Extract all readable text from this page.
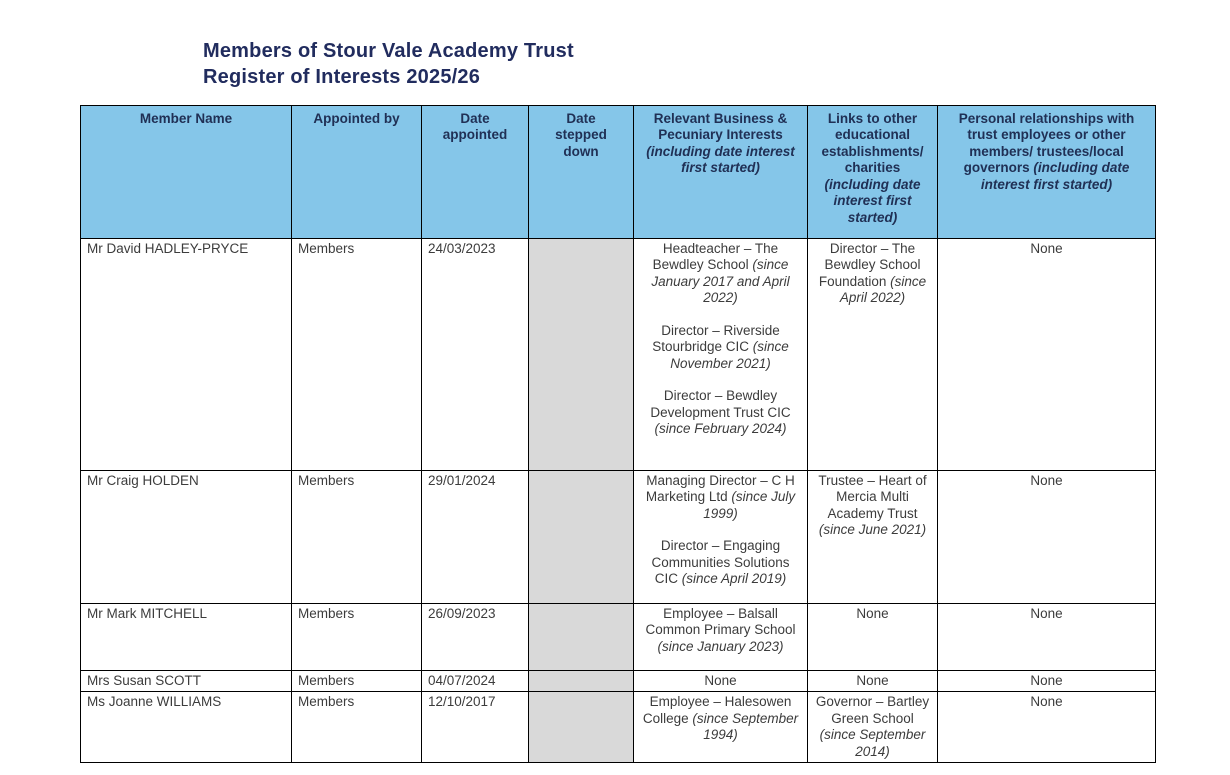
Members of Stour Vale Academy Trust
Register of Interests 2025/26
Member Name	Appointed by	Date appointed	Date stepped down	Relevant Business & Pecuniary Interests (including date interest first started)	Links to other educational establishments/ charities (including date interest first started)	Personal relationships with trust employees or other members/ trustees/local governors (including date interest first started)

Mr David HADLEY-PRYCE	Members	24/03/2023		Headteacher – The Bewdley School (since January 2017 and April 2022)
Director – Riverside Stourbridge CIC (since November 2021)
Director – Bewdley Development Trust CIC (since February 2024)	Director – The Bewdley School Foundation (since April 2022)	None

Mr Craig HOLDEN	Members	29/01/2024		Managing Director – C H Marketing Ltd (since July 1999)
Director – Engaging Communities Solutions CIC (since April 2019)	Trustee – Heart of Mercia Multi Academy Trust (since June 2021)	None

Mr Mark MITCHELL	Members	26/09/2023		Employee – Balsall Common Primary School (since January 2023)	None	None

Mrs Susan SCOTT	Members	04/07/2024		None	None	None

Ms Joanne WILLIAMS	Members	12/10/2017		Employee – Halesowen College (since September 1994)	Governor – Bartley Green School (since September 2014)	None
